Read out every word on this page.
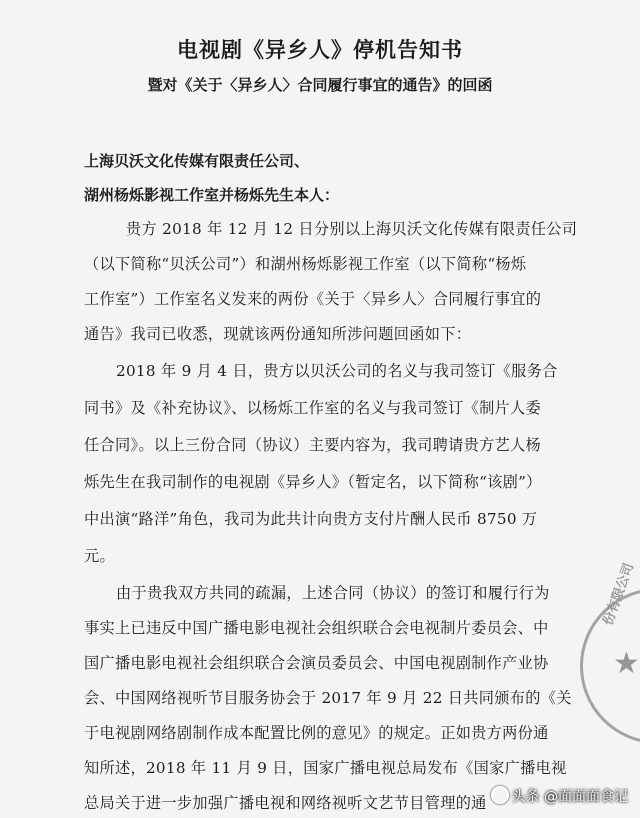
电视剧《异乡人》停机告知书
暨对《关于〈异乡人〉合同履行事宜的通告》的回函
上海贝沃文化传媒有限责任公司、
湖州杨烁影视工作室并杨烁先生本人：
贵方 2018 年 12 月 12 日分别以上海贝沃文化传媒有限责任公司
（以下简称“贝沃公司”）和湖州杨烁影视工作室（以下简称“杨烁
工作室”）工作室名义发来的两份《关于〈异乡人〉合同履行事宜的
通告》我司已收悉，现就该两份通知所涉问题回函如下：
2018 年 9 月 4 日，贵方以贝沃公司的名义与我司签订《服务合
同书》及《补充协议》、以杨烁工作室的名义与我司签订《制片人委
任合同》。以上三份合同（协议）主要内容为，我司聘请贵方艺人杨
烁先生在我司制作的电视剧《异乡人》（暂定名，以下简称“该剧”）
中出演“路洋”角色，我司为此共计向贵方支付片酬人民币 8750 万
元。
由于贵我双方共同的疏漏，上述合同（协议）的签订和履行行为
事实上已违反中国广播电影电视社会组织联合会电视制片委员会、中
国广播电影电视社会组织联合会演员委员会、中国电视剧制作产业协
会、中国网络视听节目服务协会于 2017 年 9 月 22 日共同颁布的《关
于电视剧网络剧制作成本配置比例的意见》的规定。正如贵方两份通
知所述，2018 年 11 月 9 日，国家广播电视总局发布《国家广播电视
总局关于进一步加强广播电视和网络视听文艺节目管理的通
份有限公司
★
头条 @面面面食记
